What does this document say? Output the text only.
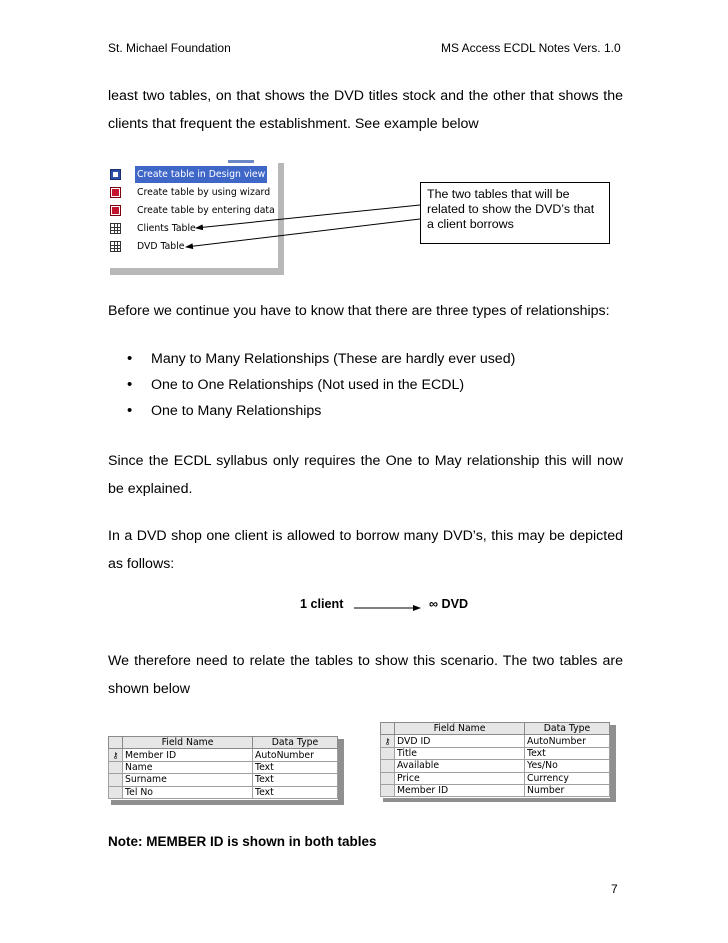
St. Michael Foundation	MS Access ECDL Notes Vers. 1.0

least two tables, on that shows the DVD titles stock and the other that shows the clients that frequent the establishment. See example below

Create table in Design view
Create table by using wizard
Create table by entering data
Clients Table
DVD Table
The two tables that will be related to show the DVD’s that a client borrows

Before we continue you have to know that there are three types of relationships:

• Many to Many Relationships (These are hardly ever used)
• One to One Relationships (Not used in the ECDL)
• One to Many Relationships

Since the ECDL syllabus only requires the One to May relationship this will now be explained.

In a DVD shop one client is allowed to borrow many DVD’s, this may be depicted as follows:

1 client	∞ DVD

We therefore need to relate the tables to show this scenario. The two tables are shown below

	Field Name	Data Type
⚷	Member ID	AutoNumber
	Name	Text
	Surname	Text
	Tel No	Text
	Field Name	Data Type
⚷	DVD ID	AutoNumber
	Title	Text
	Available	Yes/No
	Price	Currency
	Member ID	Number
Note: MEMBER ID is shown in both tables
7
